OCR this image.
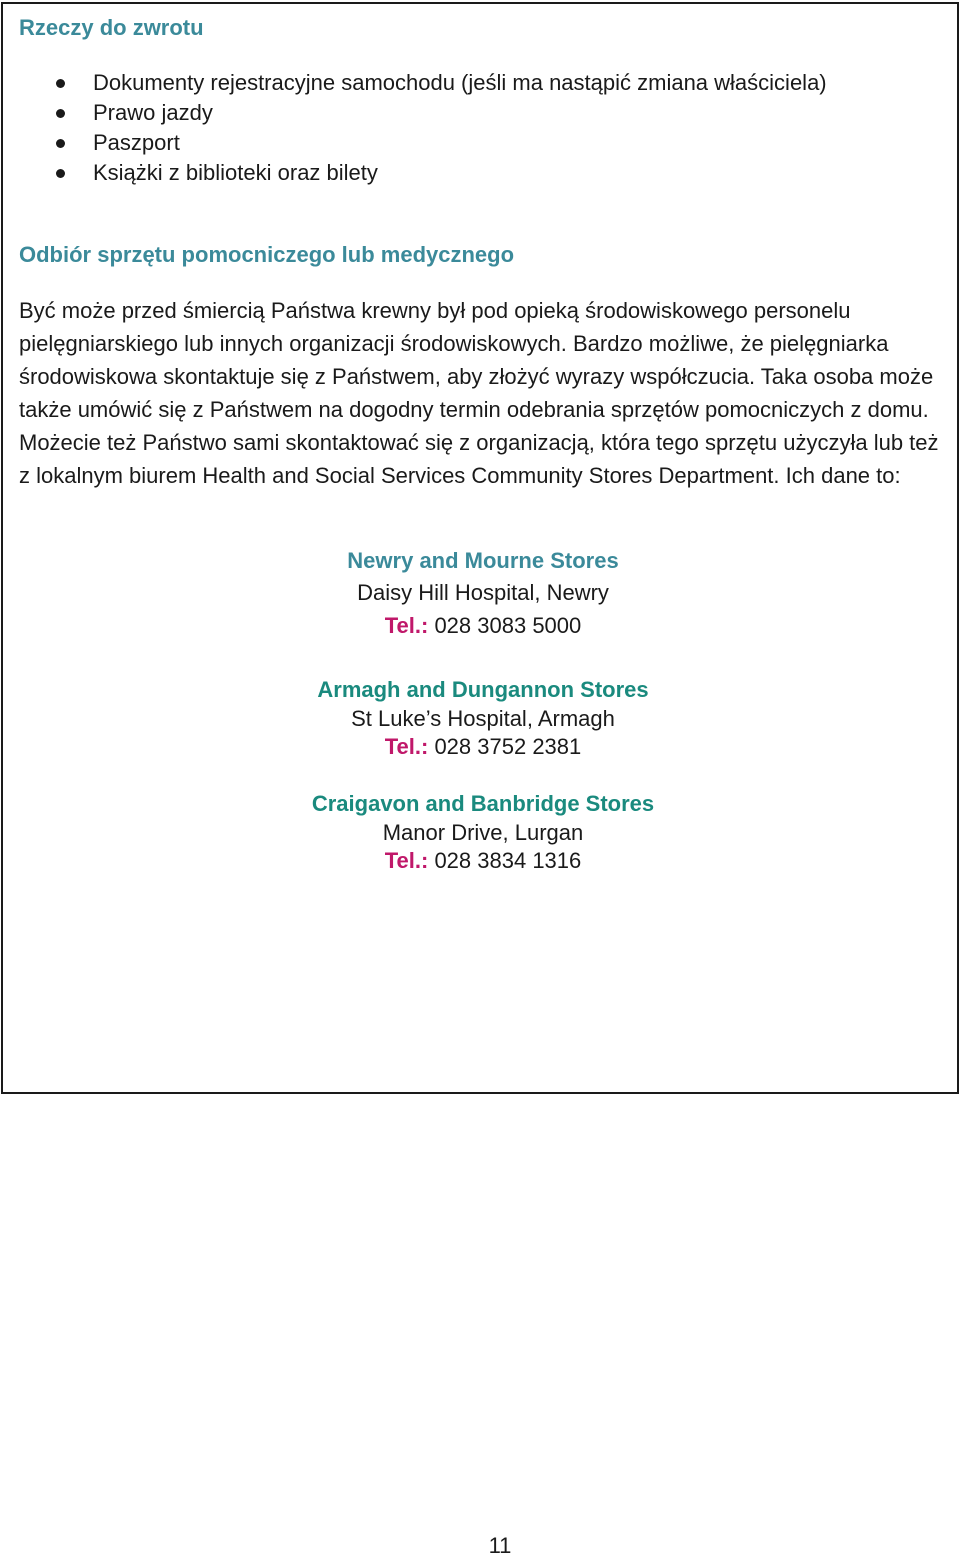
Rzeczy do zwrotu
Dokumenty rejestracyjne samochodu (jeśli ma nastąpić zmiana właściciela)
Prawo jazdy
Paszport
Książki z biblioteki oraz bilety
Odbiór sprzętu pomocniczego lub medycznego

Być może przed śmiercią Państwa krewny był pod opieką środowiskowego personelu pielęgniarskiego lub innych organizacji środowiskowych. Bardzo możliwe, że pielęgniarka środowiskowa skontaktuje się z Państwem, aby złożyć wyrazy współczucia. Taka osoba może także umówić się z Państwem na dogodny termin odebrania sprzętów pomocniczych z domu. Możecie też Państwo sami skontaktować się z organizacją, która tego sprzętu użyczyła lub też z lokalnym biurem Health and Social Services Community Stores Department. Ich dane to:

Newry and Mourne Stores
Daisy Hill Hospital, Newry
Tel.: 028 3083 5000
Armagh and Dungannon Stores
St Luke’s Hospital, Armagh
Tel.: 028 3752 2381
Craigavon and Banbridge Stores
Manor Drive, Lurgan
Tel.: 028 3834 1316
11
